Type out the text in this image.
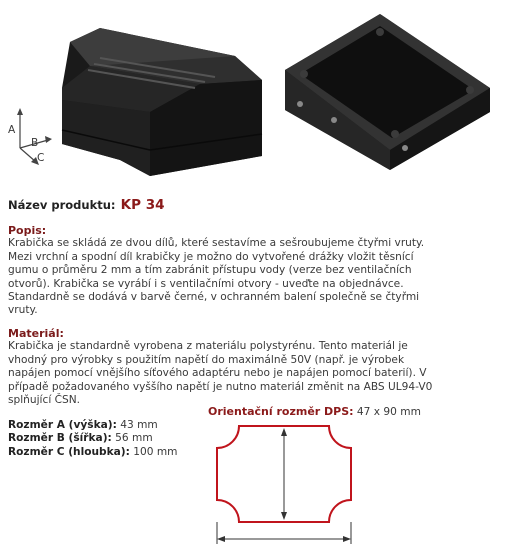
A
B
C
Název produktu: KP 34
Popis:
Krabička se skládá ze dvou dílů, které sestavíme a sešroubujeme čtyřmi vruty.
Mezi vrchní a spodní díl krabičky je možno do vytvořené drážky vložit těsnící
gumu o průměru 2 mm a tím zabránit přístupu vody (verze bez ventilačních
otvorů). Krabička se vyrábí i s ventilačními otvory - uveďte na objednávce.
Standardně se dodává v barvě černé, v ochranném balení společně se čtyřmi
vruty.
Materiál:
Krabička je standardně vyrobena z materiálu polystyrénu. Tento materiál je
vhodný pro výrobky s použitím napětí do maximálně 50V (např. je výrobek
napájen pomocí vnějšího síťového adaptéru nebo je napájen pomocí baterií). V
případě požadovaného vyššího napětí je nutno materiál změnit na ABS UL94-V0
splňující ČSN.
Rozměr A (výška): 43 mm
Rozměr B (šířka): 56 mm
Rozměr C (hloubka): 100 mm
Orientační rozměr DPS: 47 x 90 mm
